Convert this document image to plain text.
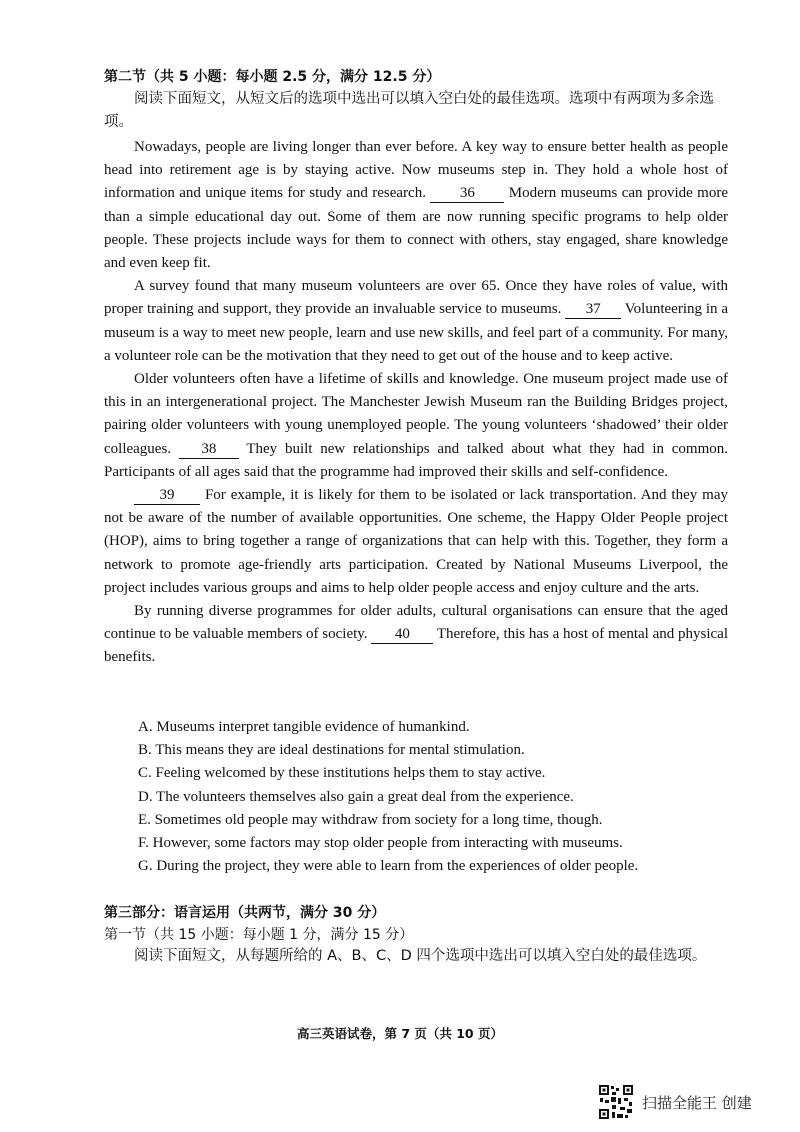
第二节（共 5 小题：每小题 2.5 分，满分 12.5 分）
阅读下面短文，从短文后的选项中选出可以填入空白处的最佳选项。选项中有两项为多余选项。

Nowadays, people are living longer than ever before. A key way to ensure better health as people head into retirement age is by staying active. Now museums step in. They hold a whole host of information and unique items for study and research. 36 Modern museums can provide more than a simple educational day out. Some of them are now running specific programs to help older people. These projects include ways for them to connect with others, stay engaged, share knowledge and even keep fit.

A survey found that many museum volunteers are over 65. Once they have roles of value, with proper training and support, they provide an invaluable service to museums. 37 Volunteering in a museum is a way to meet new people, learn and use new skills, and feel part of a community. For many, a volunteer role can be the motivation that they need to get out of the house and to keep active.

Older volunteers often have a lifetime of skills and knowledge. One museum project made use of this in an intergenerational project. The Manchester Jewish Museum ran the Building Bridges project, pairing older volunteers with young unemployed people. The young volunteers ‘shadowed’ their older colleagues. 38 They built new relationships and talked about what they had in common. Participants of all ages said that the programme had improved their skills and self-confidence.

39 For example, it is likely for them to be isolated or lack transportation. And they may not be aware of the number of available opportunities. One scheme, the Happy Older People project (HOP), aims to bring together a range of organizations that can help with this. Together, they form a network to promote age-friendly arts participation. Created by National Museums Liverpool, the project includes various groups and aims to help older people access and enjoy culture and the arts.

By running diverse programmes for older adults, cultural organisations can ensure that the aged continue to be valuable members of society. 40 Therefore, this has a host of mental and physical benefits.

A. Museums interpret tangible evidence of humankind.
B. This means they are ideal destinations for mental stimulation.
C. Feeling welcomed by these institutions helps them to stay active.
D. The volunteers themselves also gain a great deal from the experience.
E. Sometimes old people may withdraw from society for a long time, though.
F. However, some factors may stop older people from interacting with museums.
G. During the project, they were able to learn from the experiences of older people.
第三部分：语言运用（共两节，满分 30 分）
第一节（共 15 小题：每小题 1 分，满分 15 分）
阅读下面短文，从每题所给的 A、B、C、D 四个选项中选出可以填入空白处的最佳选项。
高三英语试卷，第 7 页（共 10 页）
扫描全能王 创建
